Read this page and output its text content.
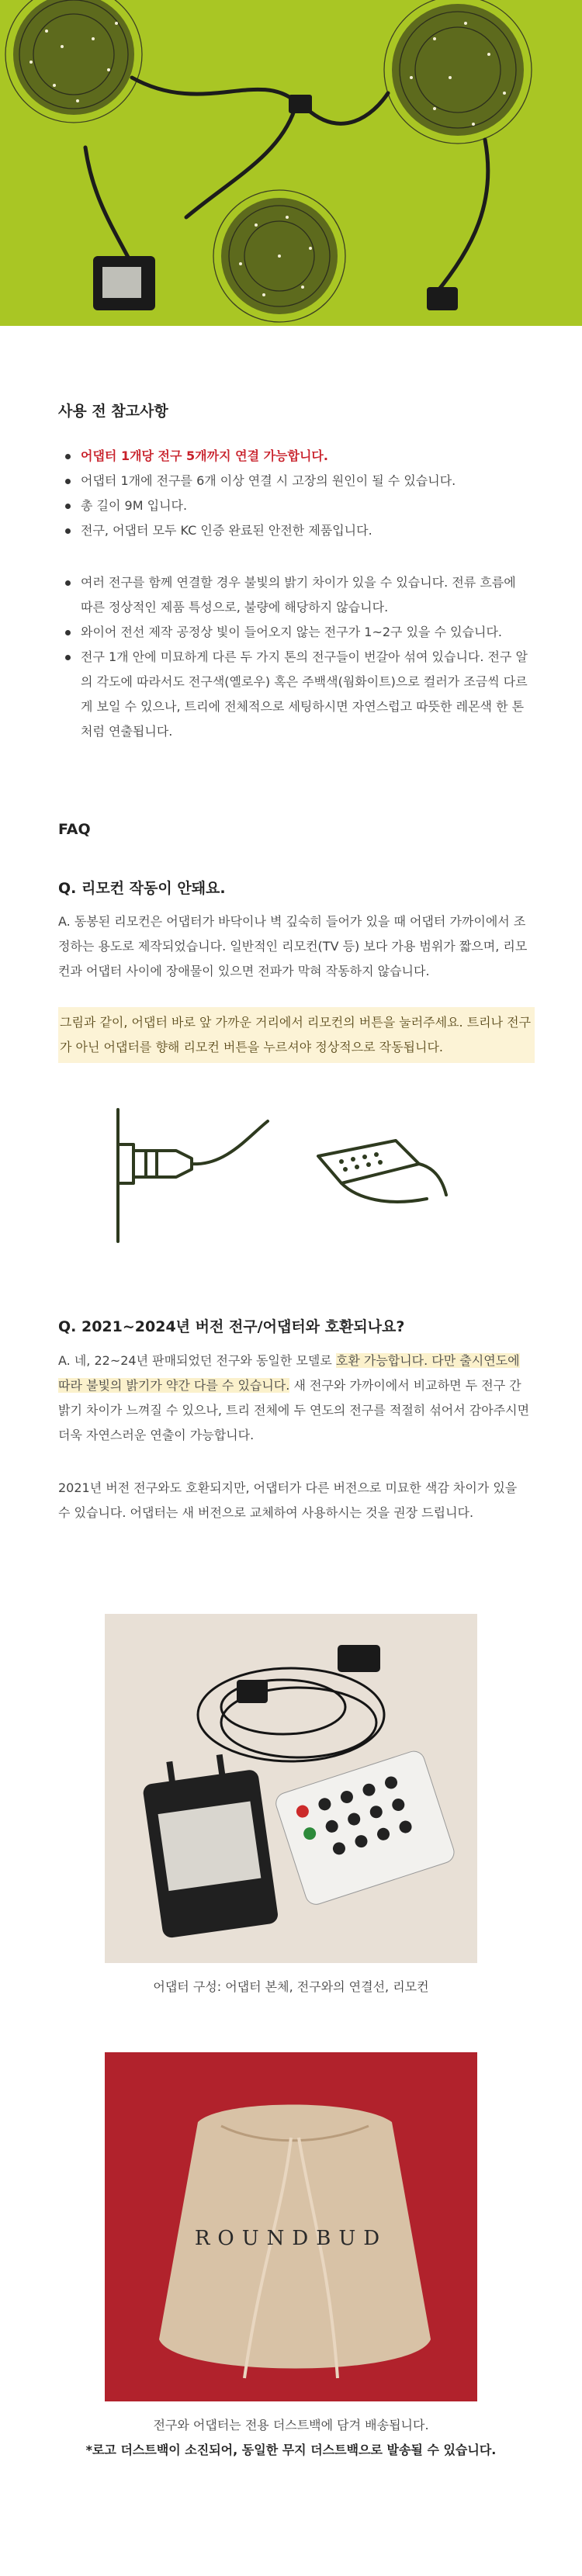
사용 전 참고사항
어댑터 1개당 전구 5개까지 연결 가능합니다.
어댑터 1개에 전구를 6개 이상 연결 시 고장의 원인이 될 수 있습니다.
총 길이 9M 입니다.
전구, 어댑터 모두 KC 인증 완료된 안전한 제품입니다.
여러 전구를 함께 연결할 경우 불빛의 밝기 차이가 있을 수 있습니다. 전류 흐름에 따른 정상적인 제품 특성으로, 불량에 해당하지 않습니다.
와이어 전선 제작 공정상 빛이 들어오지 않는 전구가 1~2구 있을 수 있습니다.
전구 1개 안에 미묘하게 다른 두 가지 톤의 전구들이 번갈아 섞여 있습니다. 전구 알의 각도에 따라서도 전구색(옐로우) 혹은 주백색(웜화이트)으로 컬러가 조금씩 다르게 보일 수 있으나, 트리에 전체적으로 세팅하시면 자연스럽고 따뜻한 레몬색 한 톤처럼 연출됩니다.
FAQ
Q. 리모컨 작동이 안돼요.
A. 동봉된 리모컨은 어댑터가 바닥이나 벽 깊숙히 들어가 있을 때 어댑터 가까이에서 조정하는 용도로 제작되었습니다. 일반적인 리모컨(TV 등) 보다 가용 범위가 짧으며, 리모컨과 어댑터 사이에 장애물이 있으면 전파가 막혀 작동하지 않습니다.
그림과 같이, 어댑터 바로 앞 가까운 거리에서 리모컨의 버튼을 눌러주세요. 트리나 전구가 아닌 어댑터를 향해 리모컨 버튼을 누르셔야 정상적으로 작동됩니다.
Q. 2021~2024년 버전 전구/어댑터와 호환되나요?
A. 네, 22~24년 판매되었던 전구와 동일한 모델로 호환 가능합니다. 다만 출시연도에 따라 불빛의 밝기가 약간 다를 수 있습니다. 새 전구와 가까이에서 비교하면 두 전구 간 밝기 차이가 느껴질 수 있으나, 트리 전체에 두 연도의 전구를 적절히 섞어서 감아주시면 더욱 자연스러운 연출이 가능합니다.
2021년 버전 전구와도 호환되지만, 어댑터가 다른 버전으로 미묘한 색감 차이가 있을 수 있습니다. 어댑터는 새 버전으로 교체하여 사용하시는 것을 권장 드립니다.
어댑터 구성: 어댑터 본체, 전구와의 연결선, 리모컨
ROUNDBUD
전구와 어댑터는 전용 더스트백에 담겨 배송됩니다.
*로고 더스트백이 소진되어, 동일한 무지 더스트백으로 발송될 수 있습니다.
